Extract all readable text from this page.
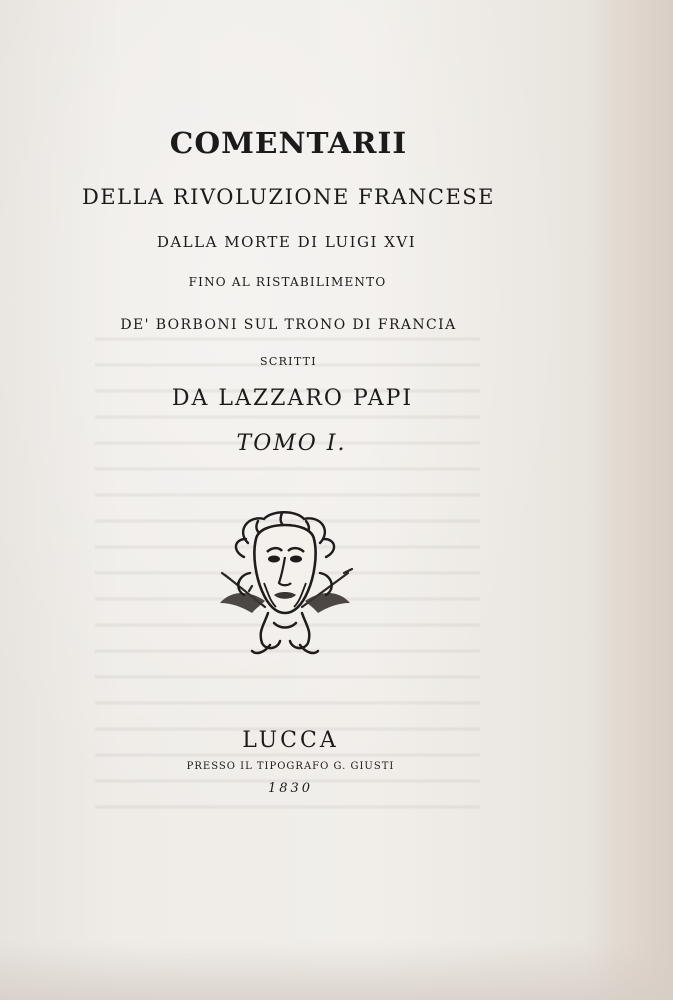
COMENTARII
DELLA RIVOLUZIONE FRANCESE
DALLA MORTE DI LUIGI XVI
FINO AL RISTABILIMENTO
DE' BORBONI SUL TRONO DI FRANCIA
SCRITTI
DA LAZZARO PAPI
TOMO I.
LUCCA
PRESSO IL TIPOGRAFO G. GIUSTI
1830
